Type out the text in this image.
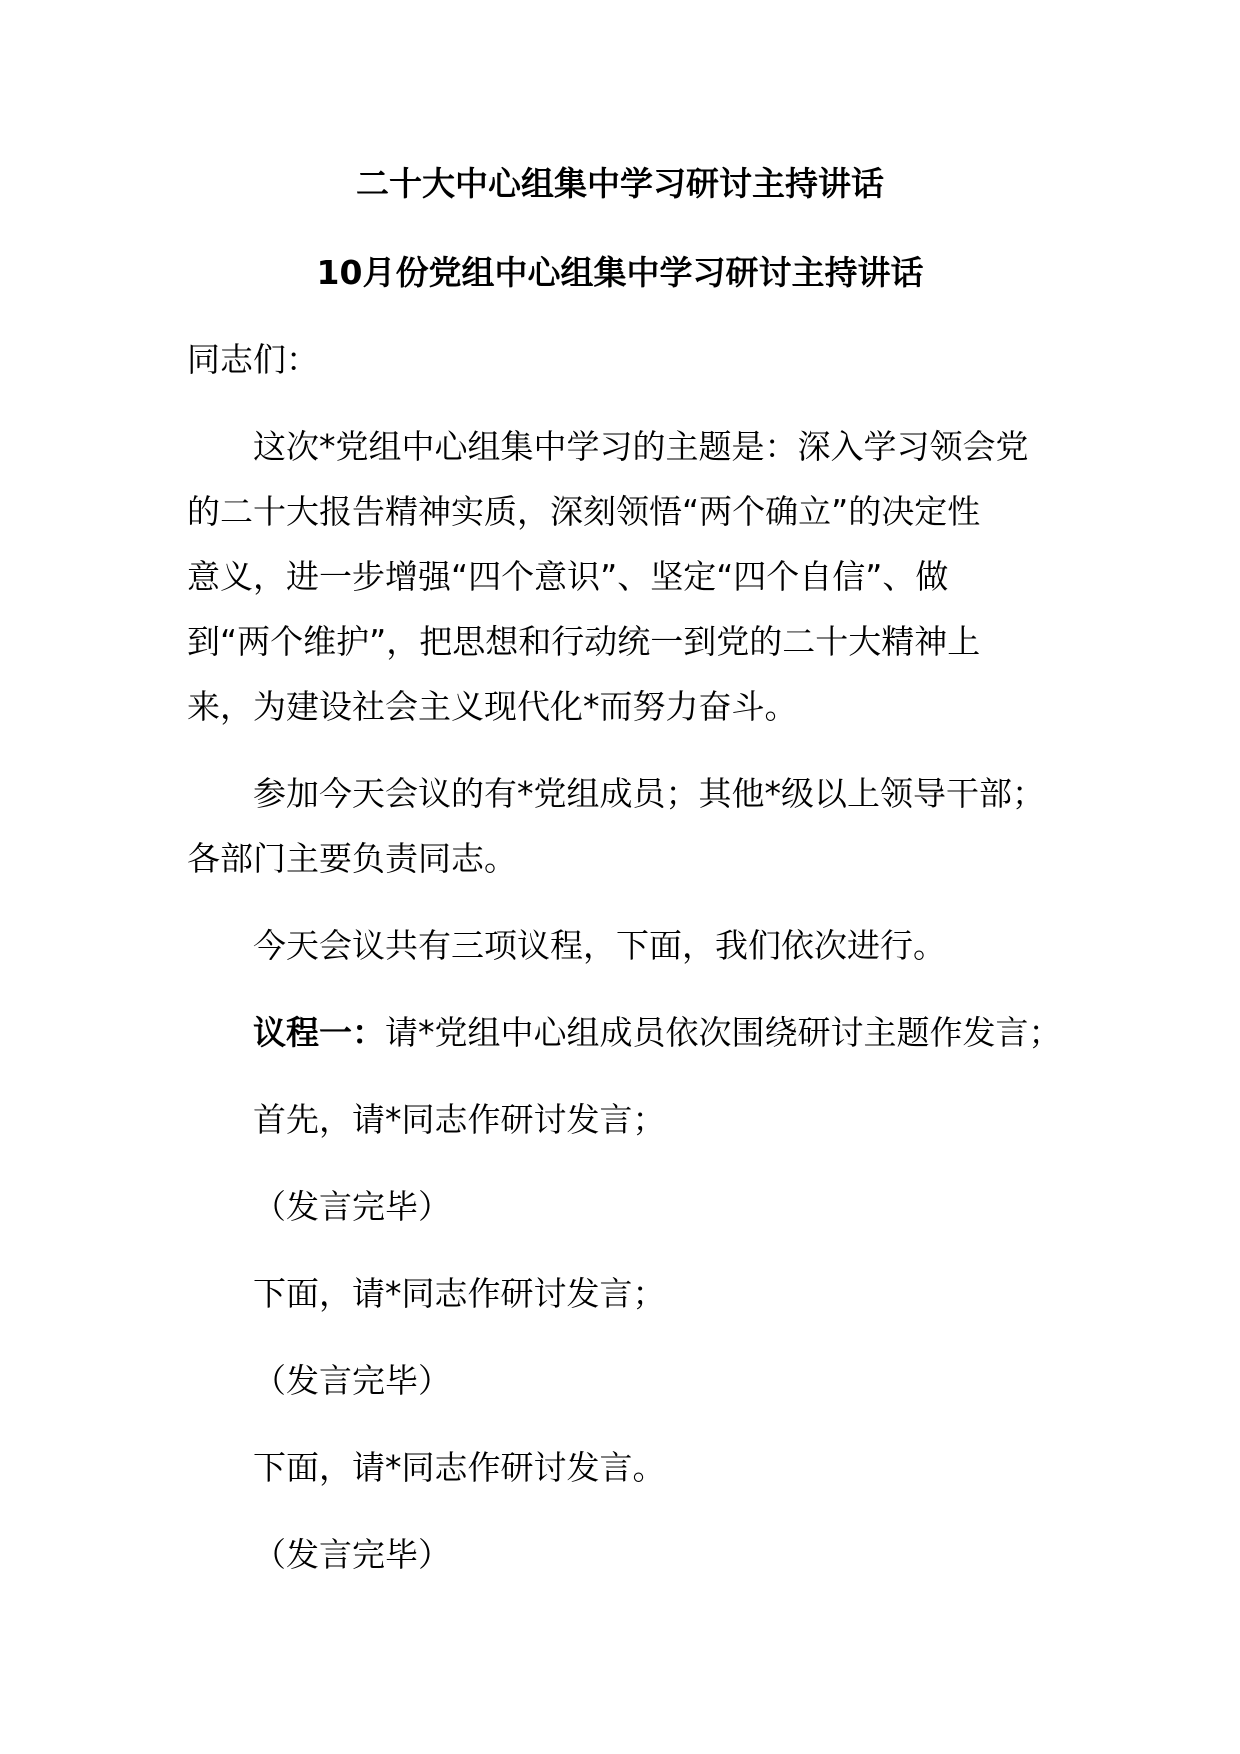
二十大中心组集中学习研讨主持讲话
10月份党组中心组集中学习研讨主持讲话
同志们：
这次*党组中心组集中学习的主题是：深入学习领会党
的二十大报告精神实质，深刻领悟“两个确立”的决定性
意义，进一步增强“四个意识”、坚定“四个自信”、做
到“两个维护”，把思想和行动统一到党的二十大精神上
来，为建设社会主义现代化*而努力奋斗。
参加今天会议的有*党组成员；其他*级以上领导干部；
各部门主要负责同志。
今天会议共有三项议程，下面，我们依次进行。
议程一：请*党组中心组成员依次围绕研讨主题作发言；
首先，请*同志作研讨发言；
（发言完毕）
下面，请*同志作研讨发言；
（发言完毕）
下面，请*同志作研讨发言。
（发言完毕）
